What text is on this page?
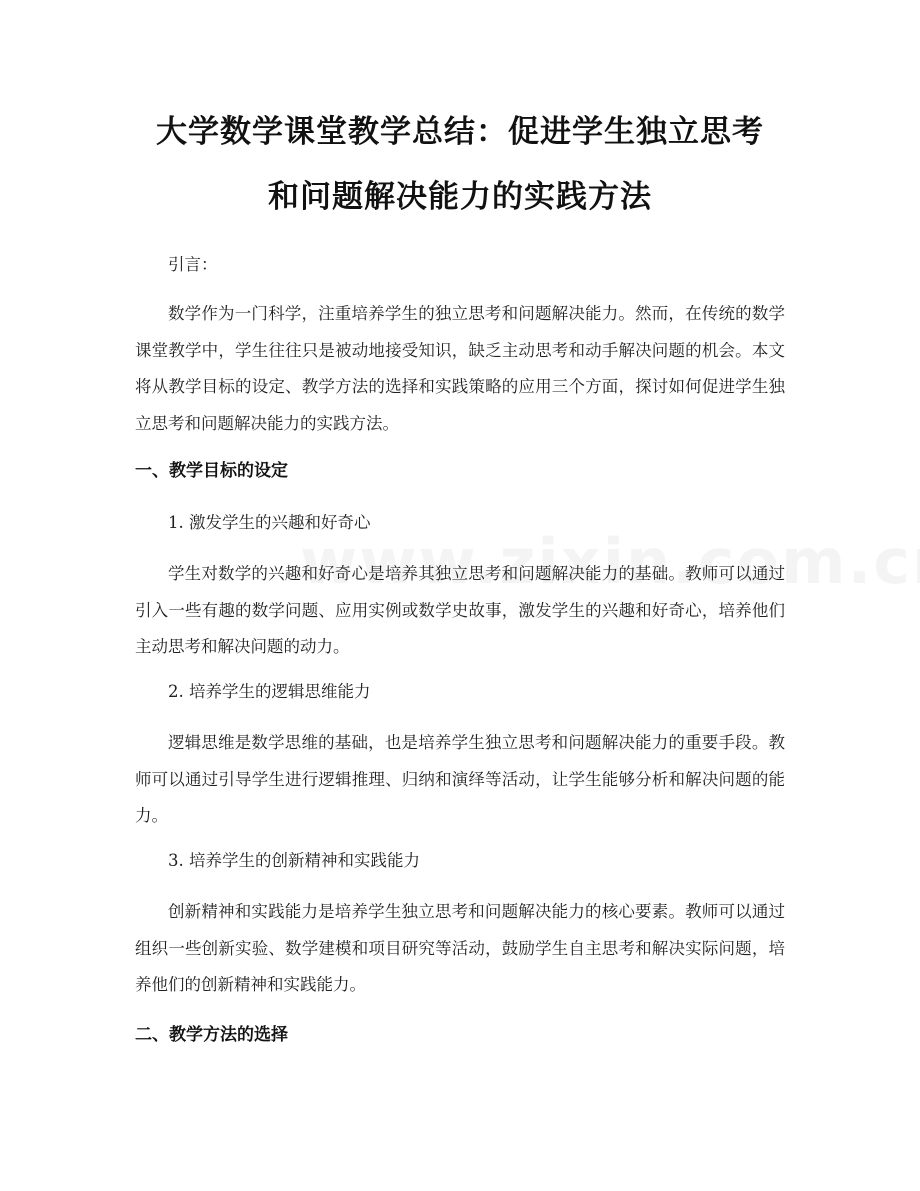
大学数学课堂教学总结：促进学生独立思考
和问题解决能力的实践方法

引言：

数学作为一门科学，注重培养学生的独立思考和问题解决能力。然而，在传统的数学课堂教学中，学生往往只是被动地接受知识，缺乏主动思考和动手解决问题的机会。本文将从教学目标的设定、教学方法的选择和实践策略的应用三个方面，探讨如何促进学生独立思考和问题解决能力的实践方法。

一、教学目标的设定

1. 激发学生的兴趣和好奇心

学生对数学的兴趣和好奇心是培养其独立思考和问题解决能力的基础。教师可以通过引入一些有趣的数学问题、应用实例或数学史故事，激发学生的兴趣和好奇心，培养他们主动思考和解决问题的动力。

2. 培养学生的逻辑思维能力

逻辑思维是数学思维的基础，也是培养学生独立思考和问题解决能力的重要手段。教师可以通过引导学生进行逻辑推理、归纳和演绎等活动，让学生能够分析和解决问题的能力。

3. 培养学生的创新精神和实践能力

创新精神和实践能力是培养学生独立思考和问题解决能力的核心要素。教师可以通过组织一些创新实验、数学建模和项目研究等活动，鼓励学生自主思考和解决实际问题，培养他们的创新精神和实践能力。

二、教学方法的选择
